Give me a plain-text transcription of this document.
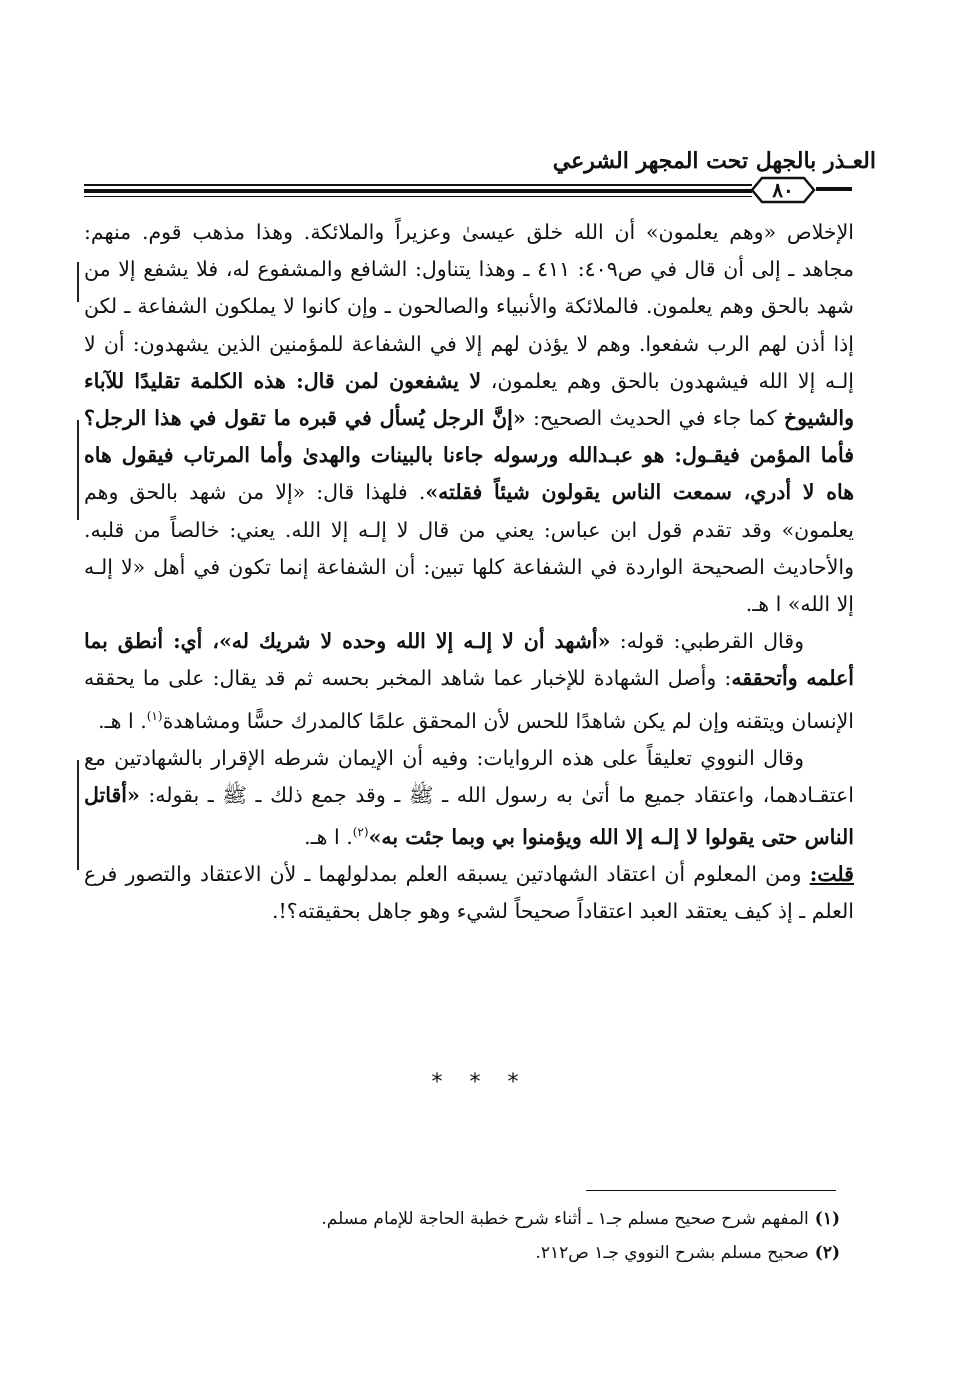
العـذر بالجهل تحت المجهر الشرعي
٨٠

الإخلاص «وهم يعلمون» أن الله خلق عيسىٰ وعزيراً والملائكة. وهذا مذهب قوم. منهم: مجاهد ـ إلى أن قال في ص٤٠٩: ٤١١ ـ وهذا يتناول: الشافع والمشفوع له، فلا يشفع إلا من شهد بالحق وهم يعلمون. فالملائكة والأنبياء والصالحون ـ وإن كانوا لا يملكون الشفاعة ـ لكن إذا أذن لهم الرب شفعوا. وهم لا يؤذن لهم إلا في الشفاعة للمؤمنين الذين يشهدون: أن لا إلـه إلا الله فيشهدون بالحق وهم يعلمون، لا يشفعون لمن قال: هذه الكلمة تقليدًا للآباء والشيوخ كما جاء في الحديث الصحيح: «إنَّ الرجل يُسأل في قبره ما تقول في هذا الرجل؟ فأما المؤمن فيقـول: هو عبـدالله ورسوله جاءنا بالبينات والهدىٰ وأما المرتاب فيقول هاه هاه لا أدري، سمعت الناس يقولون شيئاً فقلته». فلهذا قال: «إلا من شهد بالحق وهم يعلمون» وقد تقدم قول ابن عباس: يعني من قال لا إلـه إلا الله. يعني: خالصاً من قلبه. والأحاديث الصحيحة الواردة في الشفاعة كلها تبين: أن الشفاعة إنما تكون في أهل «لا إلـه إلا الله» ا هـ.

وقال القرطبي: قوله: «أشهد أن لا إلـه إلا الله وحده لا شريك له»، أي: أنطق بما أعلمه وأتحققه: وأصل الشهادة للإخبار عما شاهد المخبر بحسه ثم قد يقال: على ما يحققه الإنسان ويتقنه وإن لم يكن شاهدًا للحس لأن المحقق علمًا كالمدرك حسًّا ومشاهدة$^{(١)}$. ا هـ.

وقال النووي تعليقاً على هذه الروايات: وفيه أن الإيمان شرطه الإقرار بالشهادتين مع اعتقـادهما، واعتقاد جميع ما أتىٰ به رسول الله ـ ﷺ ـ وقد جمع ذلك ـ ﷺ ـ بقوله: «أقاتل الناس حتى يقولوا لا إلـه إلا الله ويؤمنوا بي وبما جئت به»$^{(٢)}$. ا هـ.

قلت: ومن المعلوم أن اعتقاد الشهادتين يسبقه العلم بمدلولهما ـ لأن الاعتقاد والتصور فرع العلم ـ إذ كيف يعتقد العبد اعتقاداً صحيحاً لشيء وهو جاهل بحقيقته؟!.

* * *

(١)المفهم شرح صحيح مسلم جـ١ ـ أثناء شرح خطبة الحاجة للإمام مسلم.

(٢)صحيح مسلم بشرح النووي جـ١ ص٢١٢.
